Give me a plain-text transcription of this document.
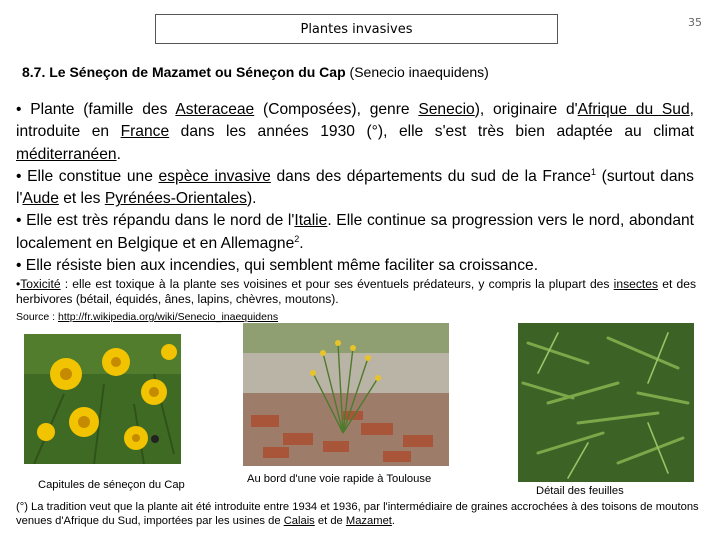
Plantes invasives	35
8.7. Le Séneçon de Mazamet ou Séneçon du Cap (Senecio inaequidens)

• Plante (famille des Asteraceae (Composées), genre Senecio), originaire d'Afrique du Sud, introduite en France dans les années 1930 (°), elle s'est très bien adaptée au climat méditerranéen.

• Elle constitue une espèce invasive dans des départements du sud de la France$^1$ (surtout dans l'Aude et les Pyrénées-Orientales).

• Elle est très répandu dans le nord de l'Italie. Elle continue sa progression vers le nord, abondant localement en Belgique et en Allemagne$^2$.

• Elle résiste bien aux incendies, qui semblent même faciliter sa croissance.

•Toxicité : elle est toxique à la plante ses voisines et pour ses éventuels prédateurs, y compris la plupart des insectes et des herbivores (bétail, équidés, ânes, lapins, chèvres, moutons).

Source : http://fr.wikipedia.org/wiki/Senecio_inaequidens
Capitules de séneçon du Cap	Au bord d'une voie rapide à Toulouse
Détail des feuilles

(°) La tradition veut que la plante ait été introduite entre 1934 et 1936, par l'intermédiaire de graines accrochées à des toisons de moutons venues d'Afrique du Sud, importées par les usines de Calais et de Mazamet.
